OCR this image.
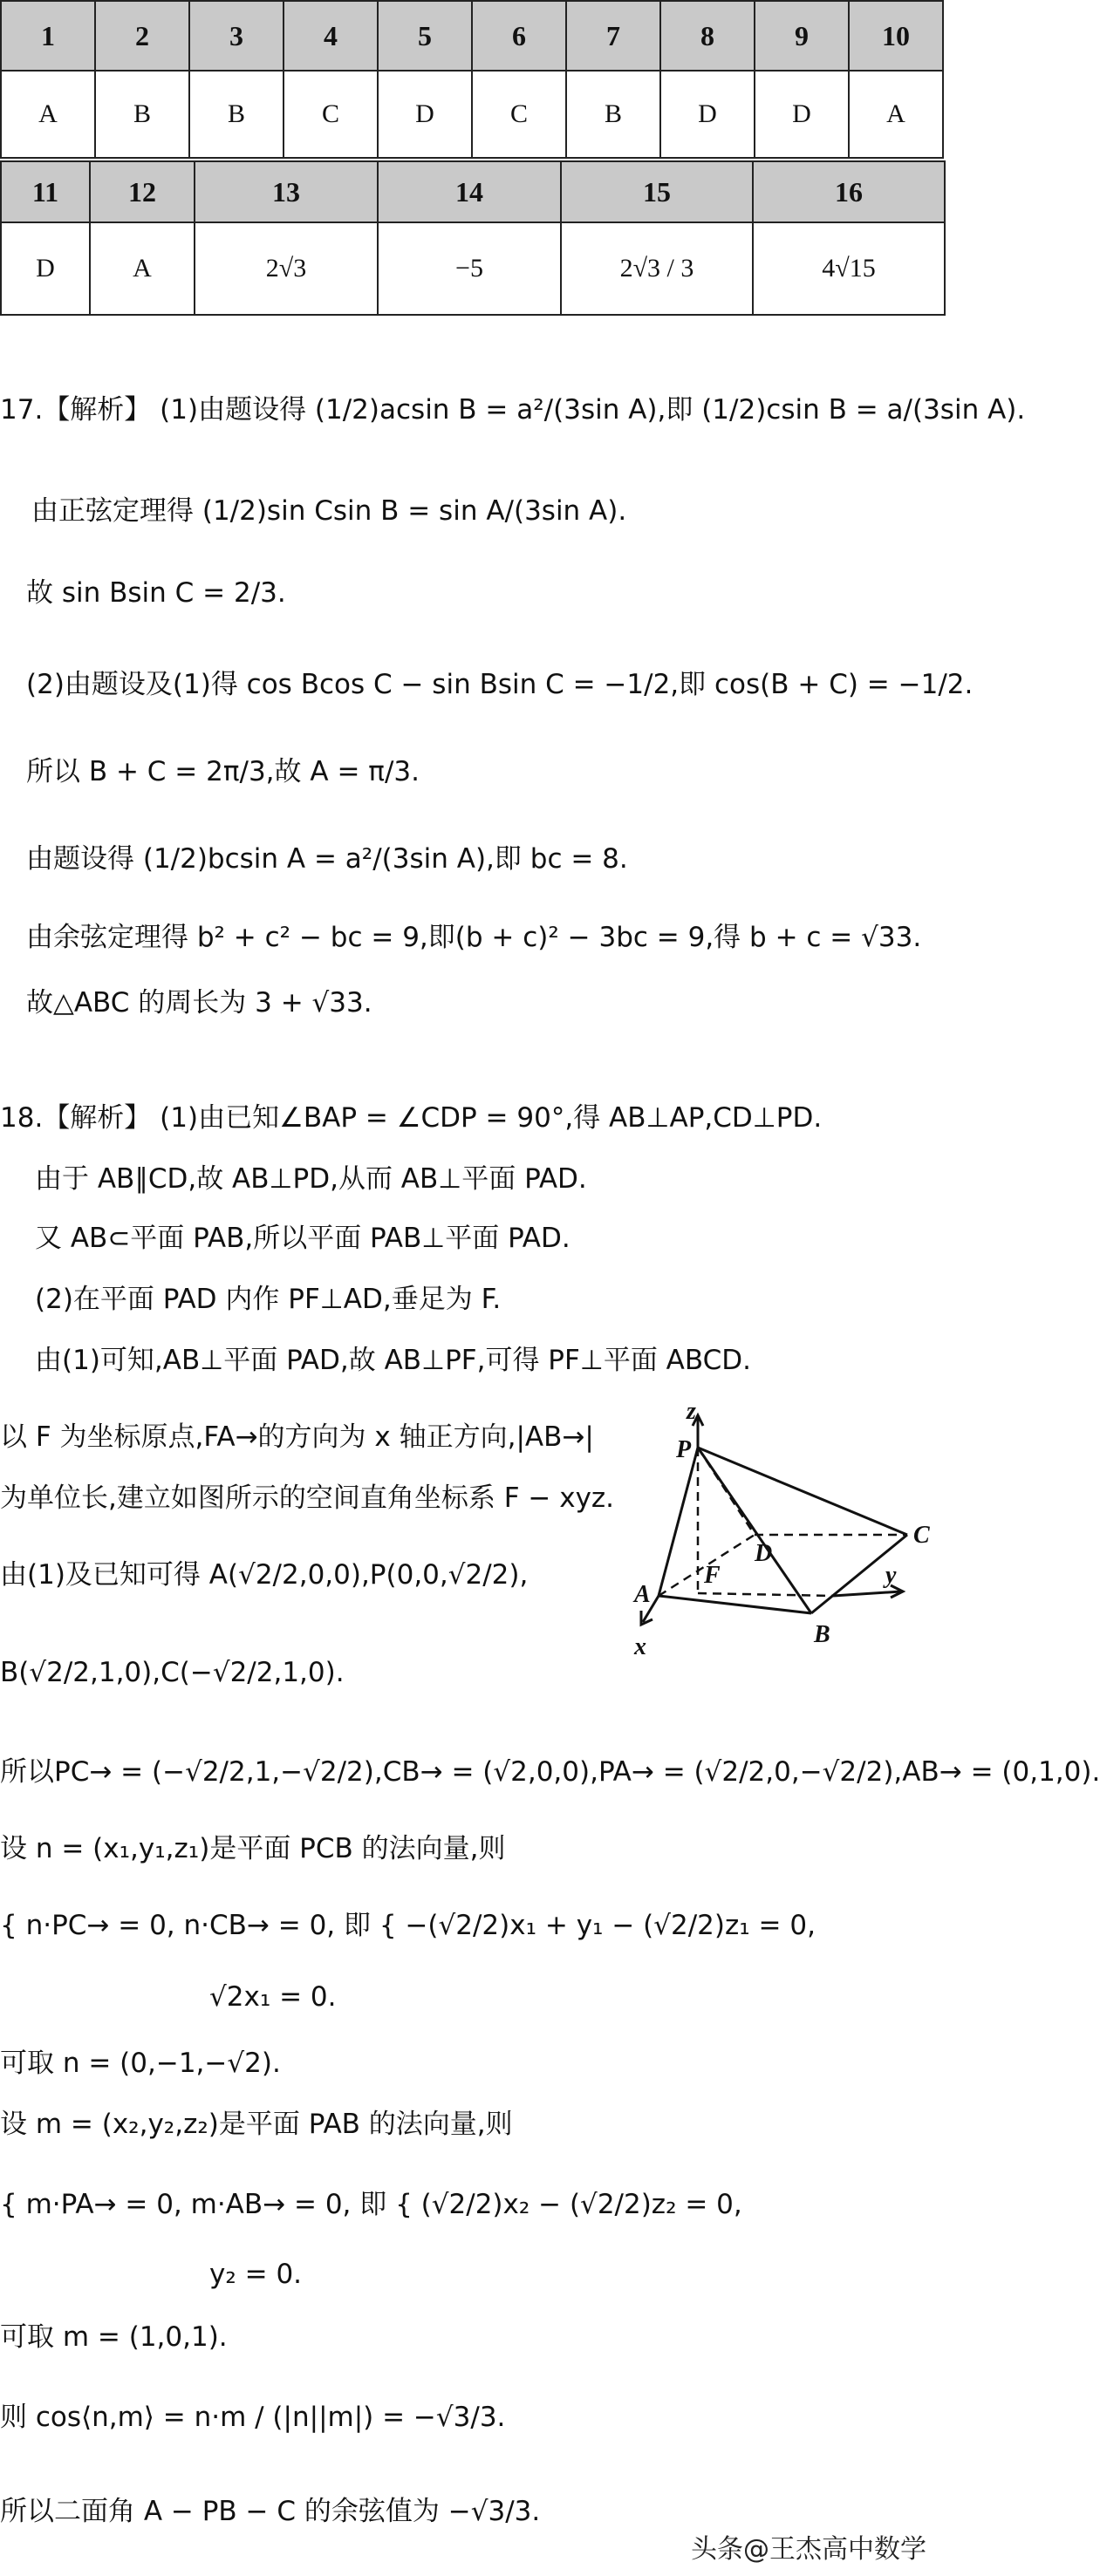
1	2	3	4	5	6	7	8	9	10
A	B	B	C	D	C	B	D	D	A
11	12	13	14	15	16
D	A	2√3	−5	2√3 / 3	4√15
17.【解析】 (1)由题设得 (1/2)acsin B = a²/(3sin A),即 (1/2)csin B = a/(3sin A).
由正弦定理得 (1/2)sin Csin B = sin A/(3sin A).
故 sin Bsin C = 2/3.
(2)由题设及(1)得 cos Bcos C − sin Bsin C = −1/2,即 cos(B + C) = −1/2.
所以 B + C = 2π/3,故 A = π/3.
由题设得 (1/2)bcsin A = a²/(3sin A),即 bc = 8.
由余弦定理得 b² + c² − bc = 9,即(b + c)² − 3bc = 9,得 b + c = √33.
故△ABC 的周长为 3 + √33.
18.【解析】 (1)由已知∠BAP = ∠CDP = 90°,得 AB⊥AP,CD⊥PD.
由于 AB∥CD,故 AB⊥PD,从而 AB⊥平面 PAD.
又 AB⊂平面 PAB,所以平面 PAB⊥平面 PAD.
(2)在平面 PAD 内作 PF⊥AD,垂足为 F.
由(1)可知,AB⊥平面 PAD,故 AB⊥PF,可得 PF⊥平面 ABCD.
以 F 为坐标原点,FA→的方向为 x 轴正方向,|AB→|
为单位长,建立如图所示的空间直角坐标系 F − xyz.
由(1)及已知可得 A(√2/2,0,0),P(0,0,√2/2),
B(√2/2,1,0),C(−√2/2,1,0).
所以PC→ = (−√2/2,1,−√2/2),CB→ = (√2,0,0),PA→ = (√2/2,0,−√2/2),AB→ = (0,1,0).
设 n = (x₁,y₁,z₁)是平面 PCB 的法向量,则
{ n·PC→ = 0, n·CB→ = 0, 即 { −(√2/2)x₁ + y₁ − (√2/2)z₁ = 0,
√2x₁ = 0.
可取 n = (0,−1,−√2).
设 m = (x₂,y₂,z₂)是平面 PAB 的法向量,则
{ m·PA→ = 0, m·AB→ = 0, 即 { (√2/2)x₂ − (√2/2)z₂ = 0,
y₂ = 0.
可取 m = (1,0,1).
则 cos⟨n,m⟩ = n·m / (|n||m|) = −√3/3.
所以二面角 A − PB − C 的余弦值为 −√3/3.
z
P
D
C
A
F
B
y
x
头条@王杰高中数学
